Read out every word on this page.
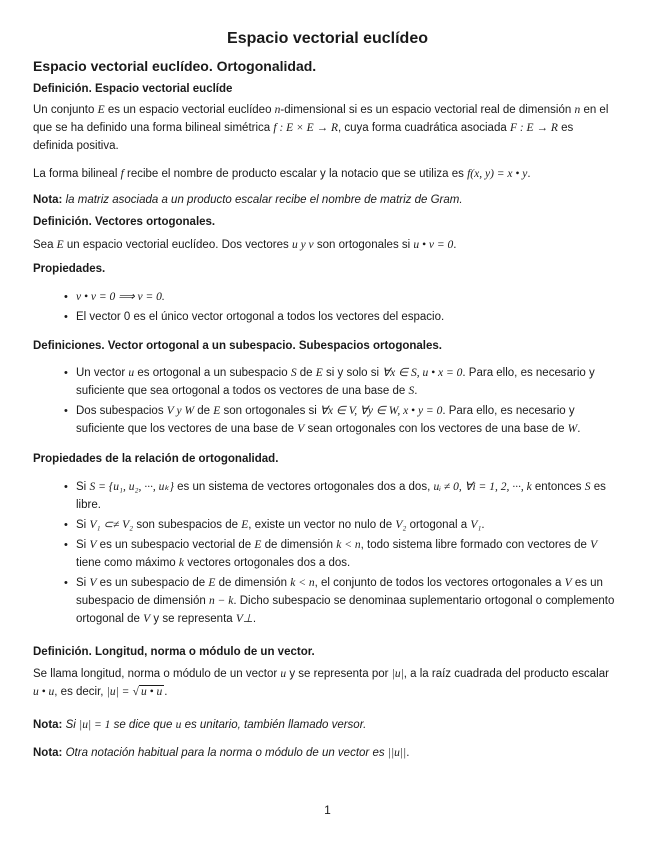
Espacio vectorial euclídeo
Espacio vectorial euclídeo. Ortogonalidad.
Definición. Espacio vectorial euclíde
Un conjunto E es un espacio vectorial euclídeo n-dimensional si es un espacio vectorial real de dimensión n en el que se ha definido una forma bilineal simétrica f : E × E → R, cuya forma cuadrática asociada F : E → R es definida positiva.
La forma bilineal f recibe el nombre de producto escalar y la notacio que se utiliza es f(x, y) = x • y.
Nota: la matriz asociada a un producto escalar recibe el nombre de matriz de Gram.
Definición. Vectores ortogonales.
Sea E un espacio vectorial euclídeo. Dos vectores u y v son ortogonales si u • v = 0.
Propiedades.
• v • v = 0 ⟹ v = 0.
• El vector 0 es el único vector ortogonal a todos los vectores del espacio.
Definiciones. Vector ortogonal a un subespacio. Subespacios ortogonales.
• Un vector u es ortogonal a un subespacio S de E si y solo si ∀x ∈ S, u • x = 0. Para ello, es necesario y suficiente que sea ortogonal a todos os vectores de una base de S.
• Dos subespacios V y W de E son ortogonales si ∀x ∈ V, ∀y ∈ W, x • y = 0. Para ello, es necesario y suficiente que los vectores de una base de V sean ortogonales con los vectores de una base de W.
Propiedades de la relación de ortogonalidad.
• Si S = {u₁, u₂, ···, uₖ} es un sistema de vectores ortogonales dos a dos, uᵢ ≠ 0, ∀i = 1, 2, ···, k entonces S es libre.
• Si V₁ ⊂≠ V₂ son subespacios de E, existe un vector no nulo de V₂ ortogonal a V₁.
• Si V es un subespacio vectorial de E de dimensión k < n, todo sistema libre formado con vectores de V tiene como máximo k vectores ortogonales dos a dos.
• Si V es un subespacio de E de dimensión k < n, el conjunto de todos los vectores ortogonales a V es un subespacio de dimensión n − k. Dicho subespacio se denominaa suplementario ortogonal o complemento ortogonal de V y se representa V⊥.
Definición. Longitud, norma o módulo de un vector.
Se llama longitud, norma o módulo de un vector u y se representa por |u|, a la raíz cuadrada del producto escalar u • u, es decir, |u| = √ u • u .
Nota: Si |u| = 1 se dice que u es unitario, también llamado versor.
Nota: Otra notación habitual para la norma o módulo de un vector es ||u||.
1
